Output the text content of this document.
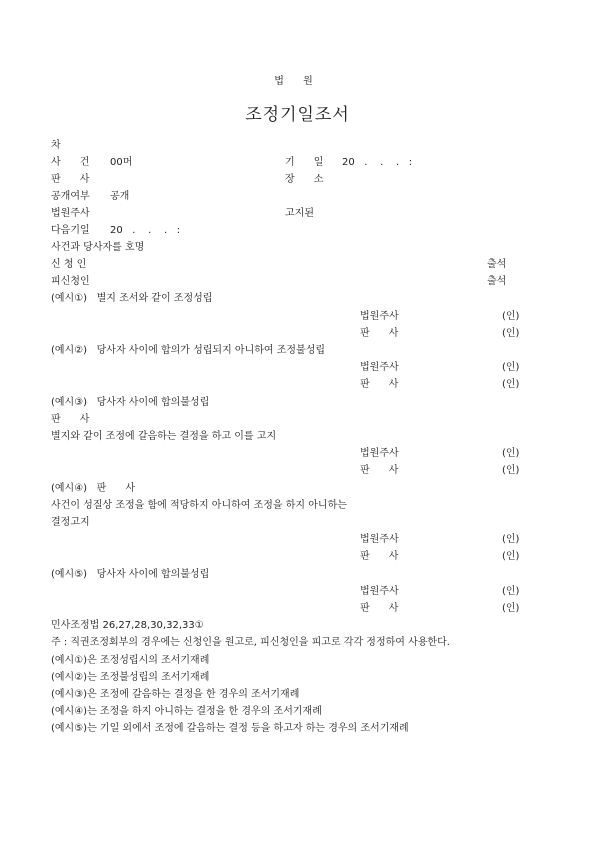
법 원
조정기일조서
차
사      건 00머	기      일 20   .    .    .   :
판      사	장      소
공개여부 공개
법원주사	고지된
다음기일 20   .    .    .   :
사건과 당사자를 호명
신 청 인	출석
피신청인	출석
(예시①)   별지 조서와 같이 조정성립
법원주사	(인)
판      사	(인)
(예시②)   당사자 사이에 합의가 성립되지 아니하여 조정불성립
법원주사	(인)
판      사	(인)
(예시③)   당사자 사이에 합의불성립
판      사
별지와 같이 조정에 갈음하는 결정을 하고 이를 고지
법원주사	(인)
판      사	(인)
(예시④)   판      사
사건이 성질상 조정을 함에 적당하지 아니하여 조정을 하지 아니하는
결정고지
법원주사	(인)
판      사	(인)
(예시⑤)   당사자 사이에 합의불성립
법원주사	(인)
판      사	(인)
민사조정법 26,27,28,30,32,33①
주 : 직권조정회부의 경우에는 신청인을 원고로, 피신청인을 피고로 각각 정정하여 사용한다.
(예시①)은 조정성립시의 조서기재례
(예시②)는 조정불성립의 조서기재례
(예시③)은 조정에 갈음하는 결정을 한 경우의 조서기재례
(예시④)는 조정을 하지 아니하는 결정을 한 경우의 조서기재례
(예시⑤)는 기일 외에서 조정에 갈음하는 결정 등을 하고자 하는 경우의 조서기재례
